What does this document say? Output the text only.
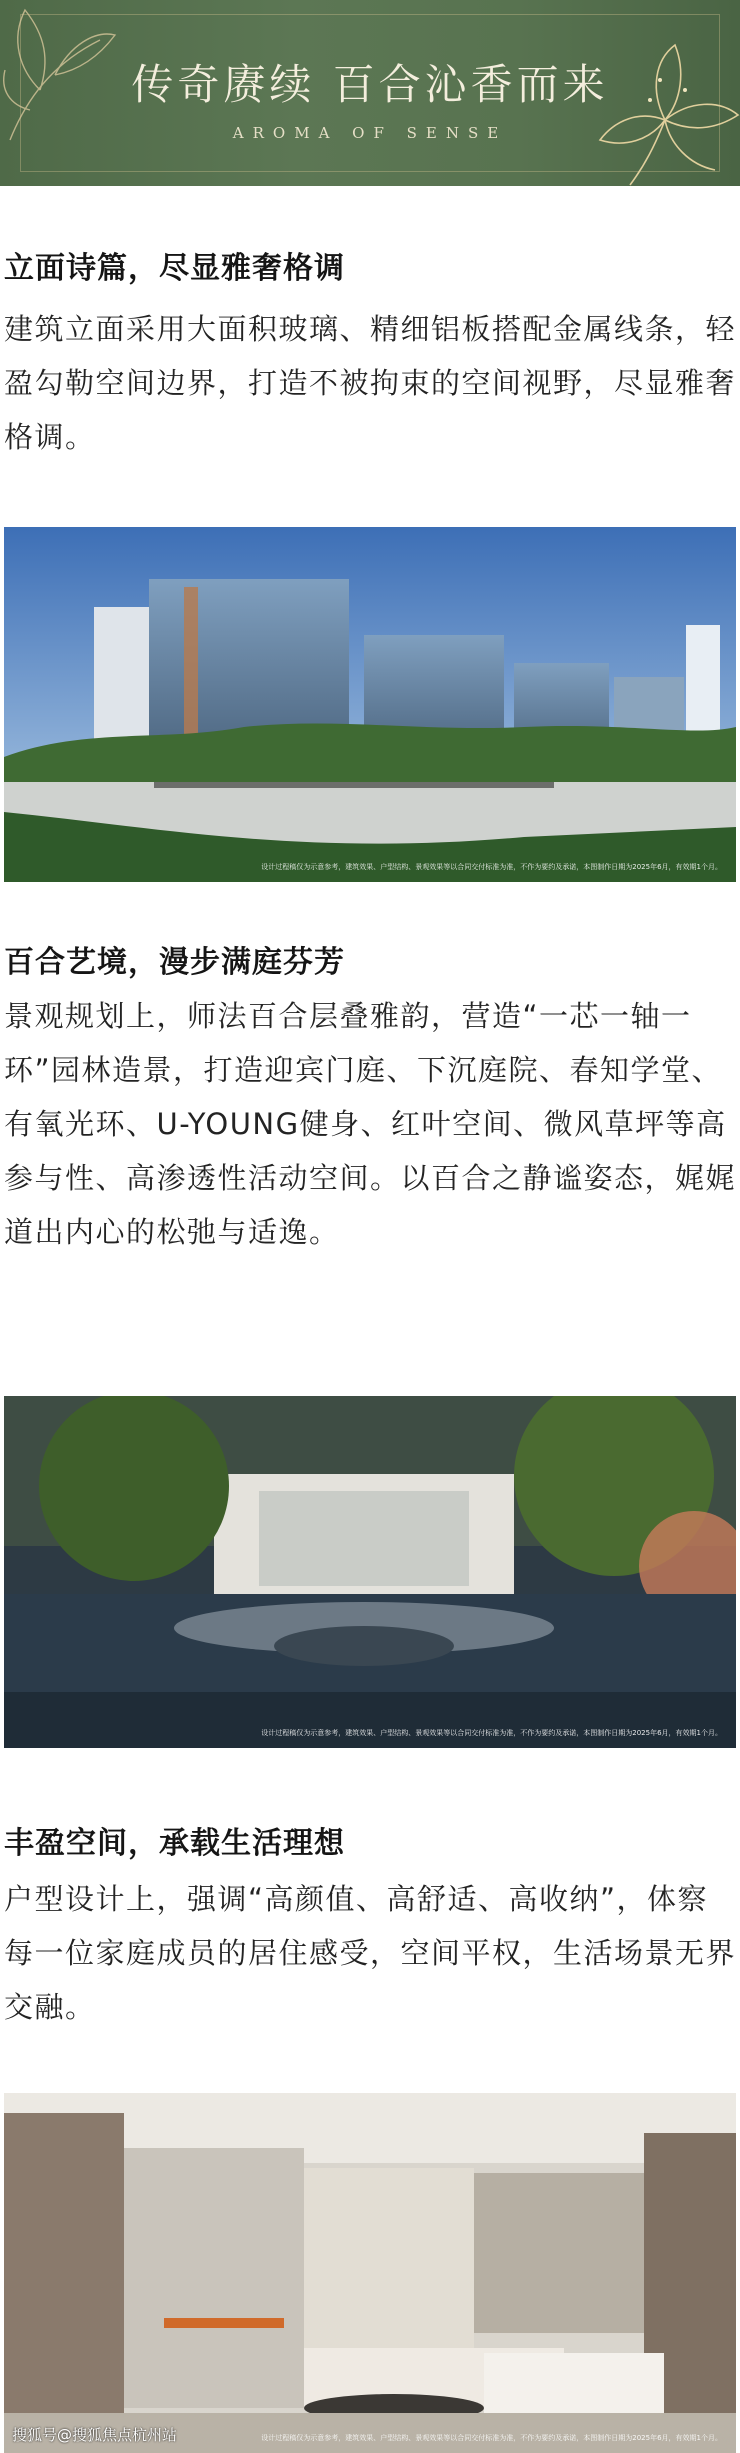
传奇赓续 百合沁香而来
AROMA OF SENSE
立面诗篇，尽显雅奢格调
建筑立面采用大面积玻璃、精细铝板搭配金属线条，轻盈勾勒空间边界，打造不被拘束的空间视野，尽显雅奢格调。
设计过程稿仅为示意参考，建筑效果、户型结构、景观效果等以合同交付标准为准，不作为要约及承诺，本图制作日期为2025年6月，有效期1个月。
百合艺境，漫步满庭芬芳
景观规划上，师法百合层叠雅韵，营造“一芯一轴一环”园林造景，打造迎宾门庭、下沉庭院、春知学堂、有氧光环、U-YOUNG健身、红叶空间、微风草坪等高参与性、高渗透性活动空间。以百合之静谧姿态，娓娓道出内心的松弛与适逸。
设计过程稿仅为示意参考，建筑效果、户型结构、景观效果等以合同交付标准为准，不作为要约及承诺，本图制作日期为2025年6月，有效期1个月。
丰盈空间，承载生活理想
户型设计上，强调“高颜值、高舒适、高收纳”，体察每一位家庭成员的居住感受，空间平权，生活场景无界交融。
设计过程稿仅为示意参考，建筑效果、户型结构、景观效果等以合同交付标准为准，不作为要约及承诺，本图制作日期为2025年6月，有效期1个月。
搜狐号@搜狐焦点杭州站
